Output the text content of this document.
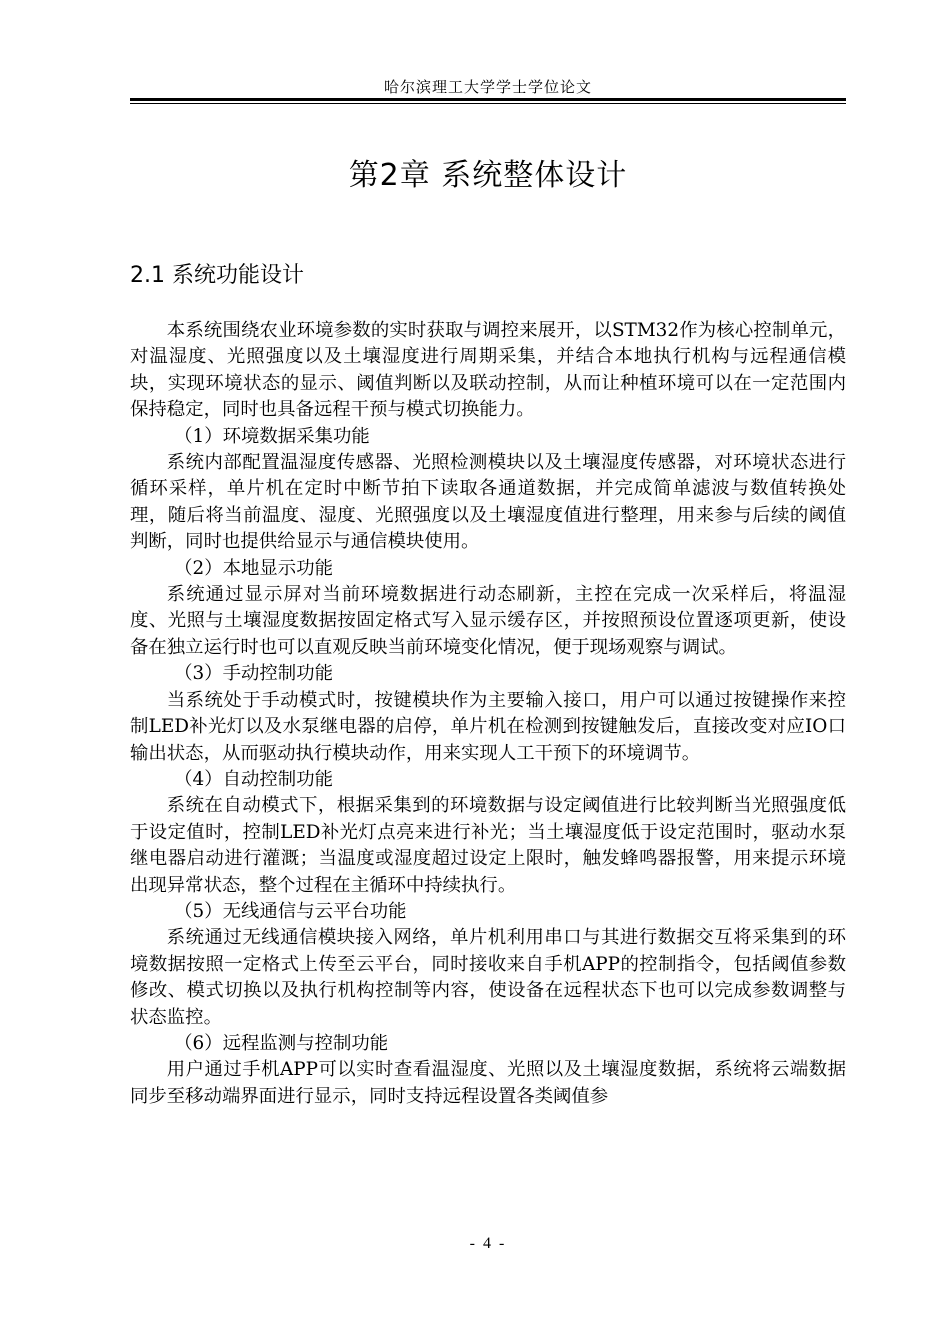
哈尔滨理工大学学士学位论文
第2章 系统整体设计
2.1 系统功能设计

本系统围绕农业环境参数的实时获取与调控来展开，以STM32作为核心控制单元，对温湿度、光照强度以及土壤湿度进行周期采集，并结合本地执行机构与远程通信模块，实现环境状态的显示、阈值判断以及联动控制，从而让种植环境可以在一定范围内保持稳定，同时也具备远程干预与模式切换能力。

（1）环境数据采集功能

系统内部配置温湿度传感器、光照检测模块以及土壤湿度传感器，对环境状态进行循环采样，单片机在定时中断节拍下读取各通道数据，并完成简单滤波与数值转换处理，随后将当前温度、湿度、光照强度以及土壤湿度值进行整理，用来参与后续的阈值判断，同时也提供给显示与通信模块使用。

（2）本地显示功能

系统通过显示屏对当前环境数据进行动态刷新，主控在完成一次采样后，将温湿度、光照与土壤湿度数据按固定格式写入显示缓存区，并按照预设位置逐项更新，使设备在独立运行时也可以直观反映当前环境变化情况，便于现场观察与调试。

（3）手动控制功能

当系统处于手动模式时，按键模块作为主要输入接口，用户可以通过按键操作来控制LED补光灯以及水泵继电器的启停，单片机在检测到按键触发后，直接改变对应IO口输出状态，从而驱动执行模块动作，用来实现人工干预下的环境调节。

（4）自动控制功能

系统在自动模式下，根据采集到的环境数据与设定阈值进行比较判断当光照强度低于设定值时，控制LED补光灯点亮来进行补光；当土壤湿度低于设定范围时，驱动水泵继电器启动进行灌溉；当温度或湿度超过设定上限时，触发蜂鸣器报警，用来提示环境出现异常状态，整个过程在主循环中持续执行。

（5）无线通信与云平台功能

系统通过无线通信模块接入网络，单片机利用串口与其进行数据交互将采集到的环境数据按照一定格式上传至云平台，同时接收来自手机APP的控制指令，包括阈值参数修改、模式切换以及执行机构控制等内容，使设备在远程状态下也可以完成参数调整与状态监控。

（6）远程监测与控制功能

用户通过手机APP可以实时查看温湿度、光照以及土壤湿度数据，系统将云端数据同步至移动端界面进行显示，同时支持远程设置各类阈值参

- 4 -
